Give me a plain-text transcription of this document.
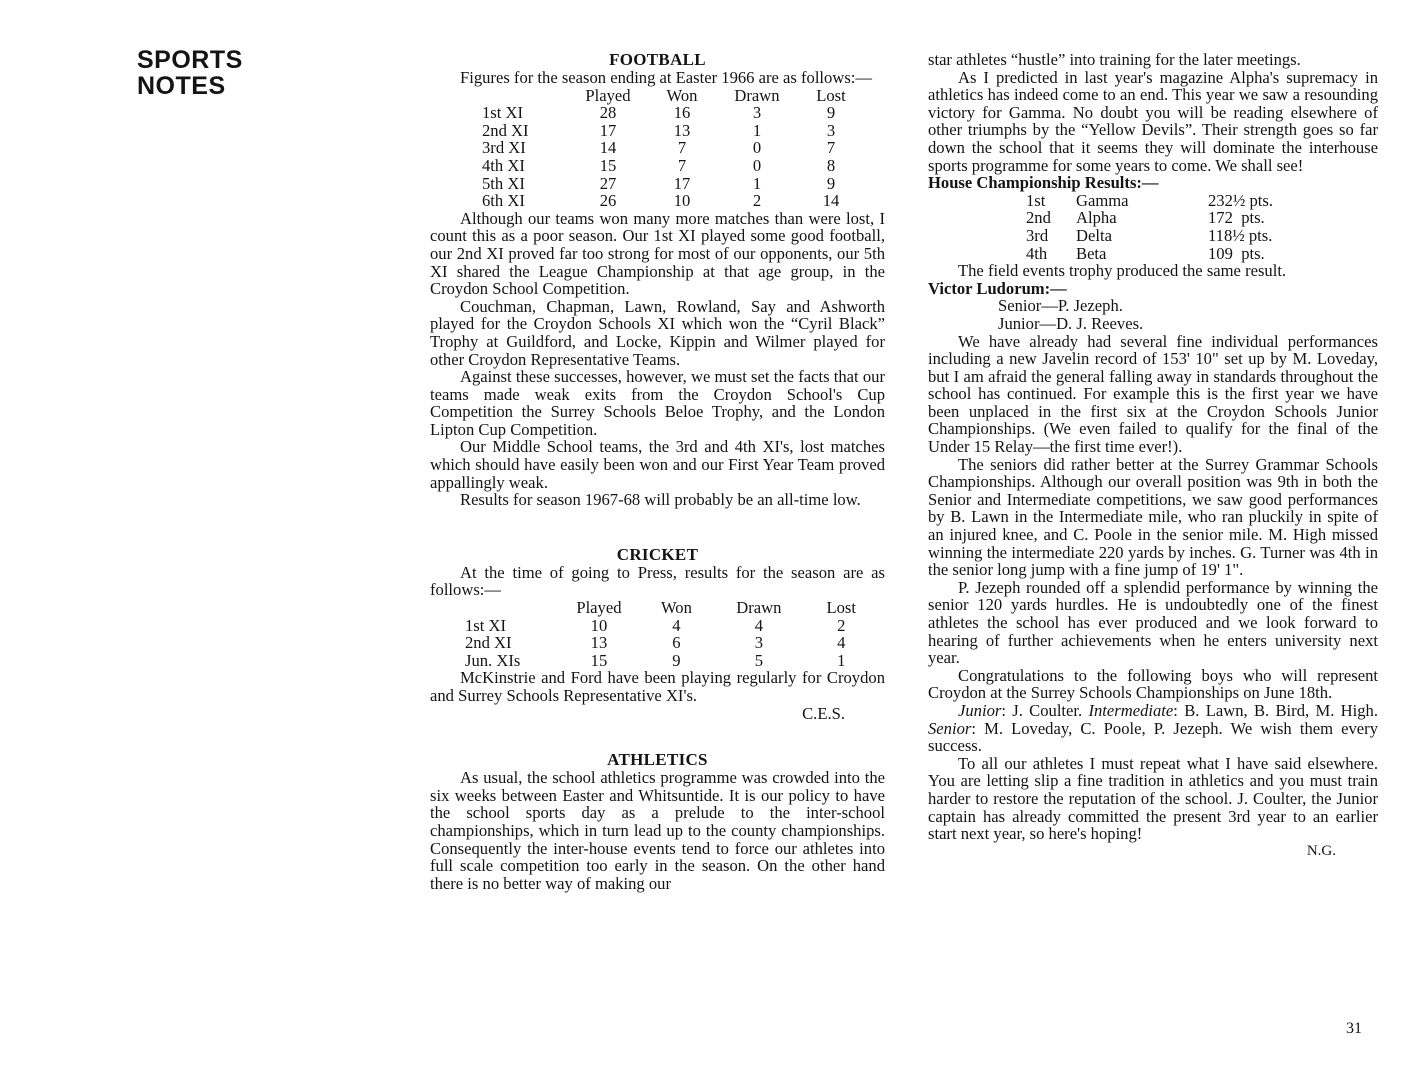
SPORTS
NOTES
FOOTBALL

Figures for the season ending at Easter 1966 are as follows:—

	Played	Won	Drawn	Lost
1st XI	28	16	3	9
2nd XI	17	13	1	3
3rd XI	14	7	0	7
4th XI	15	7	0	8
5th XI	27	17	1	9
6th XI	26	10	2	14

Although our teams won many more matches than were lost, I count this as a poor season. Our 1st XI played some good football, our 2nd XI proved far too strong for most of our opponents, our 5th XI shared the League Championship at that age group, in the Croydon School Competition.

Couchman, Chapman, Lawn, Rowland, Say and Ashworth played for the Croydon Schools XI which won the “Cyril Black” Trophy at Guildford, and Locke, Kippin and Wilmer played for other Croydon Representative Teams.

Against these successes, however, we must set the facts that our teams made weak exits from the Croydon School's Cup Competition the Surrey Schools Beloe Trophy, and the London Lipton Cup Competition.

Our Middle School teams, the 3rd and 4th XI's, lost matches which should have easily been won and our First Year Team proved appallingly weak.

Results for season 1967-68 will probably be an all-time low.

CRICKET

At the time of going to Press, results for the season are as follows:—

	Played	Won	Drawn	Lost
1st XI	10	4	4	2
2nd XI	13	6	3	4
Jun. XIs	15	9	5	1

McKinstrie and Ford have been playing regularly for Croydon and Surrey Schools Representative XI's.

C.E.S.
ATHLETICS

As usual, the school athletics programme was crowded into the six weeks between Easter and Whitsuntide. It is our policy to have the school sports day as a prelude to the inter-school championships, which in turn lead up to the county championships. Consequently the inter-house events tend to force our athletes into full scale competition too early in the season. On the other hand there is no better way of making our

star athletes “hustle” into training for the later meetings.

As I predicted in last year's magazine Alpha's supremacy in athletics has indeed come to an end. This year we saw a resounding victory for Gamma. No doubt you will be reading elsewhere of other triumphs by the “Yellow Devils”. Their strength goes so far down the school that it seems they will dominate the interhouse sports programme for some years to come. We shall see!

House Championship Results:—
1st	Gamma	232½ pts.
2nd	Alpha	172  pts.
3rd	Delta	118½ pts.
4th	Beta	109  pts.

The field events trophy produced the same result.

Victor Ludorum:—
Senior—P. Jezeph.
Junior—D. J. Reeves.

We have already had several fine individual performances including a new Javelin record of 153' 10" set up by M. Loveday, but I am afraid the general falling away in standards throughout the school has continued. For example this is the first year we have been unplaced in the first six at the Croydon Schools Junior Championships. (We even failed to qualify for the final of the Under 15 Relay—the first time ever!).

The seniors did rather better at the Surrey Grammar Schools Championships. Although our overall position was 9th in both the Senior and Intermediate competitions, we saw good performances by B. Lawn in the Intermediate mile, who ran pluckily in spite of an injured knee, and C. Poole in the senior mile. M. High missed winning the intermediate 220 yards by inches. G. Turner was 4th in the senior long jump with a fine jump of 19' 1".

P. Jezeph rounded off a splendid performance by winning the senior 120 yards hurdles. He is undoubtedly one of the finest athletes the school has ever produced and we look forward to hearing of further achievements when he enters university next year.

Congratulations to the following boys who will represent Croydon at the Surrey Schools Championships on June 18th.

Junior: J. Coulter. Intermediate: B. Lawn, B. Bird, M. High. Senior: M. Loveday, C. Poole, P. Jezeph. We wish them every success.

To all our athletes I must repeat what I have said elsewhere. You are letting slip a fine tradition in athletics and you must train harder to restore the reputation of the school. J. Coulter, the Junior captain has already committed the present 3rd year to an earlier start next year, so here's hoping!

N.G.
31
